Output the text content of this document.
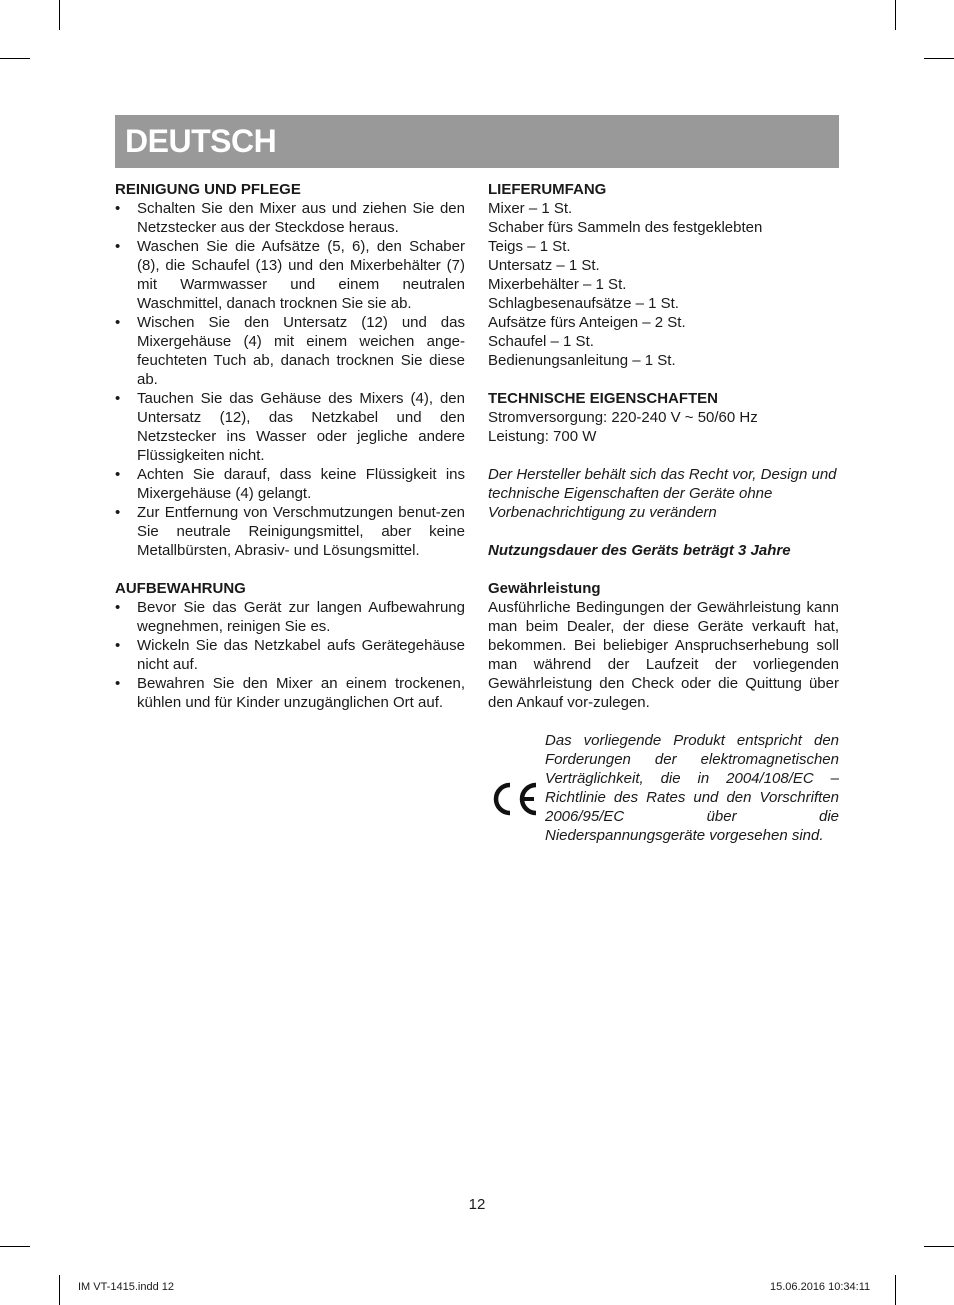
DEUTSCH

REINIGUNG UND PFLEGE

• Schalten Sie den Mixer aus und ziehen Sie den Netzstecker aus der Steckdose heraus.
• Waschen Sie die Aufsätze (5, 6), den Schaber (8), die Schaufel (13) und den Mixerbehälter (7) mit Warmwasser und einem neutralen Waschmittel, danach trocknen Sie sie ab.
• Wischen Sie den Untersatz (12) und das Mixergehäuse (4) mit einem weichen ange-feuchteten Tuch ab, danach trocknen Sie diese ab.
• Tauchen Sie das Gehäuse des Mixers (4), den Untersatz (12), das Netzkabel und den Netzstecker ins Wasser oder jegliche andere Flüssigkeiten nicht.
• Achten Sie darauf, dass keine Flüssigkeit ins Mixergehäuse (4) gelangt.
• Zur Entfernung von Verschmutzungen benut-zen Sie neutrale Reinigungsmittel, aber keine Metallbürsten, Abrasiv- und Lösungsmittel.

AUFBEWAHRUNG

• Bevor Sie das Gerät zur langen Aufbewahrung wegnehmen, reinigen Sie es.
• Wickeln Sie das Netzkabel aufs Gerätegehäuse nicht auf.
• Bewahren Sie den Mixer an einem trockenen, kühlen und für Kinder unzugänglichen Ort auf.

LIEFERUMFANG

Mixer – 1 St.
Schaber fürs Sammeln des festgeklebten
Teigs – 1 St.
Untersatz – 1 St.
Mixerbehälter – 1 St.
Schlagbesenaufsätze – 1 St.
Aufsätze fürs Anteigen – 2 St.
Schaufel – 1 St.
Bedienungsanleitung – 1 St.

TECHNISCHE EIGENSCHAFTEN

Stromversorgung: 220-240 V ~ 50/60 Hz
Leistung: 700 W

Der Hersteller behält sich das Recht vor, Design und technische Eigenschaften der Geräte ohne Vorbenachrichtigung zu verändern

Nutzungsdauer des Geräts beträgt 3 Jahre

Gewährleistung

Ausführliche Bedingungen der Gewährleistung kann man beim Dealer, der diese Geräte verkauft hat, bekommen. Bei beliebiger Anspruchserhebung soll man während der Laufzeit der vorliegenden Gewährleistung den Check oder die Quittung über den Ankauf vor-zulegen.

Das vorliegende Produkt entspricht den Forderungen der elektromagnetischen Verträglichkeit, die in 2004/108/EC – Richtlinie des Rates und den Vorschriften 2006/95/EC über die Niederspannungsgeräte vorgesehen sind.

12
IM VT-1415.indd 12	15.06.2016 10:34:11
